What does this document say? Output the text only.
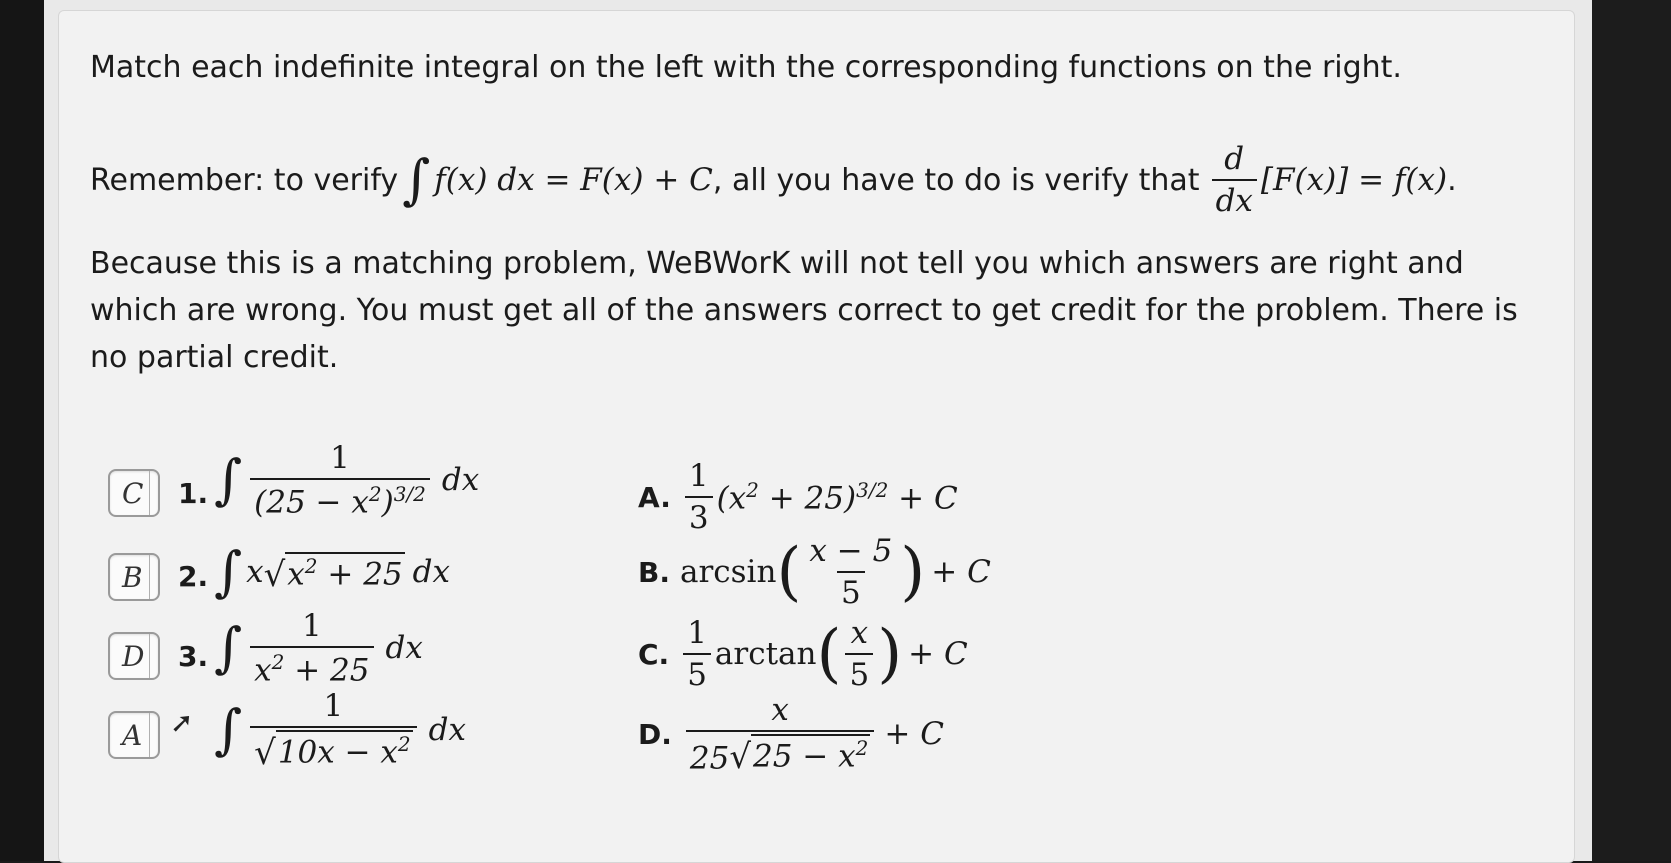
Match each indefinite integral on the left with the corresponding functions on the right.
Remember: to verify ∫ f(x) dx = F(x) + C , all you have to do is verify that $\frac{d}{dx} [F(x)] = f(x)$ .
Because this is a matching problem, WeBWorK will not tell you which answers are right and which are wrong. You must get all of the answers correct to get credit for the problem. There is no partial credit.
C 1. ∫ $\frac{1}{(25 - x^2)^{3/2}}$ dx
B 2. ∫ x √ $x^2 + 25$ dx
D 3. ∫ $\frac{1}{x^2 + 25}$ dx
A ➚ ∫ $\frac{1}{√ 10x - x^2}$ dx
A. $\frac{1}{3} (x^2 + 25)^{3/2} + C$
B. arcsin ( $\frac{x - 5}{5}$ ) + C
C. $\frac{1}{5}$ arctan ( $\frac{x}{5}$ ) + C
D. $\frac{x}{25 √ 25 - x^2} + C$
